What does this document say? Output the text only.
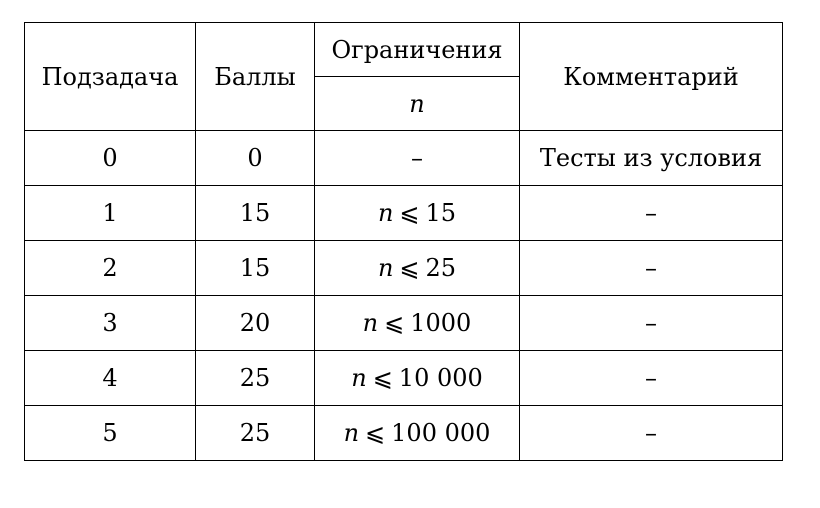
Подзадача	Баллы	Ограничения	Комментарий
		n	
0	0	–	Тесты из условия
1	15	n ⩽ 15	–
2	15	n ⩽ 25	–
3	20	n ⩽ 1000	–
4	25	n ⩽ 10 000	–
5	25	n ⩽ 100 000	–
